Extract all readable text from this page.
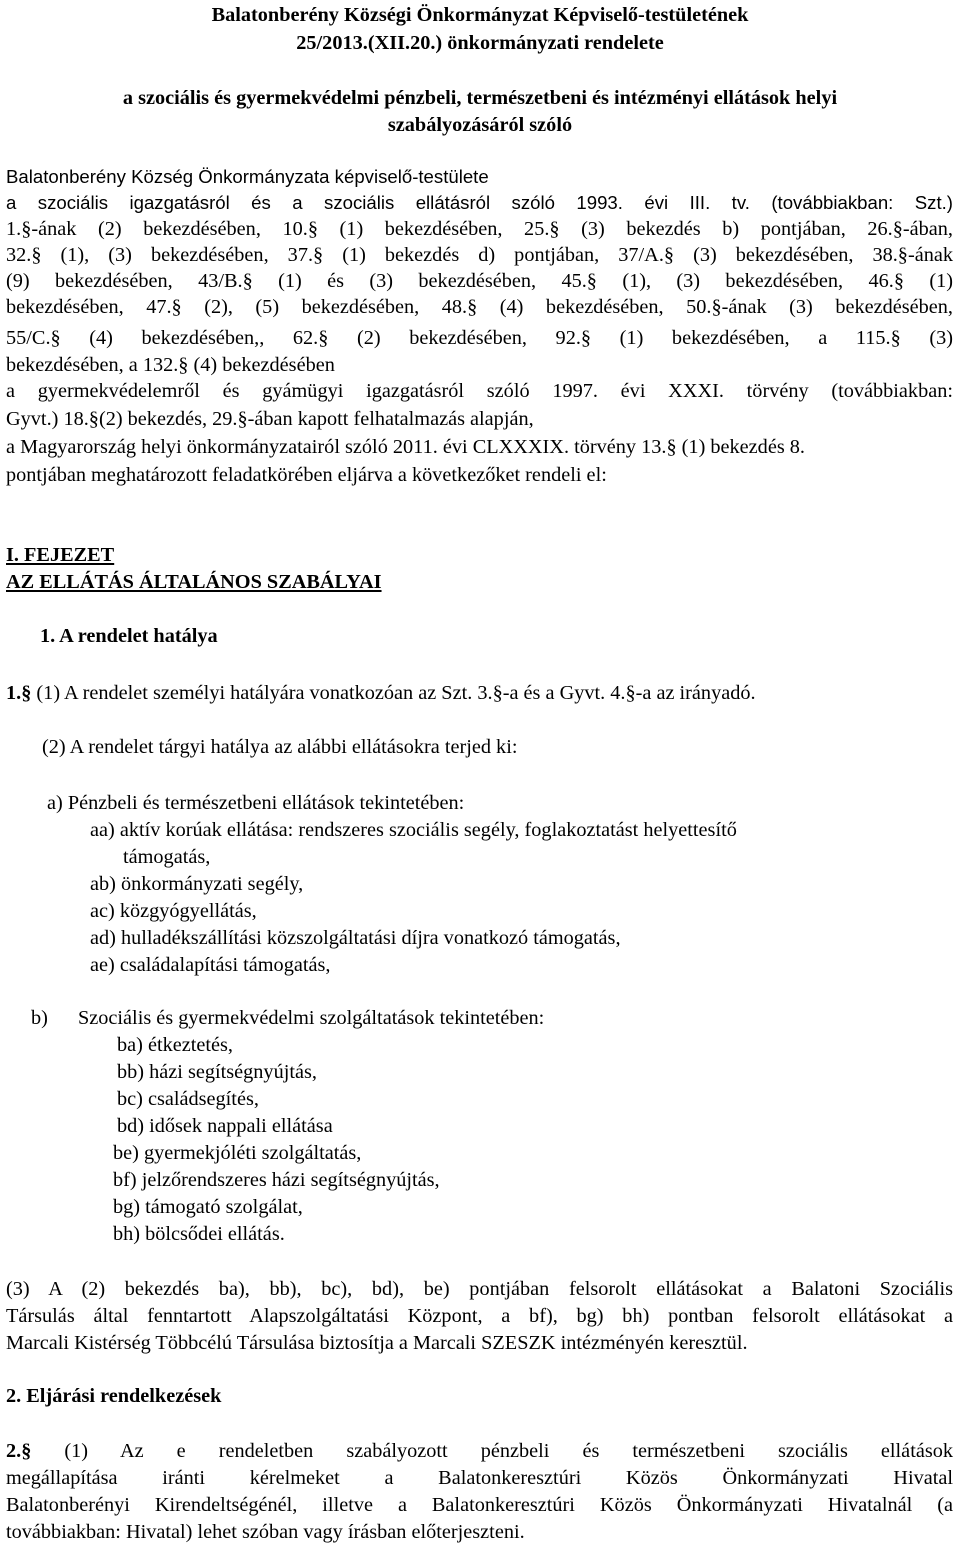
Balatonberény Községi Önkormányzat Képviselő-testületének
25/2013.(XII.20.) önkormányzati rendelete
a szociális és gyermekvédelmi pénzbeli, természetbeni és intézményi ellátások helyi
szabályozásáról szóló
Balatonberény Község Önkormányzata képviselő-testülete
a szociális igazgatásról és a szociális ellátásról szóló 1993. évi III. tv. (továbbiakban: Szt.)
1.§-ának (2) bekezdésében, 10.§ (1) bekezdésében, 25.§ (3) bekezdés b) pontjában, 26.§-ában,
32.§ (1), (3) bekezdésében, 37.§ (1) bekezdés d) pontjában, 37/A.§ (3) bekezdésében, 38.§-ának
(9) bekezdésében, 43/B.§ (1) és (3) bekezdésében, 45.§ (1), (3) bekezdésében, 46.§ (1)
bekezdésében, 47.§ (2), (5) bekezdésében, 48.§ (4) bekezdésében, 50.§-ának (3) bekezdésében,
55/C.§ (4) bekezdésében,, 62.§ (2) bekezdésében, 92.§ (1) bekezdésében, a 115.§ (3)
bekezdésében, a 132.§ (4) bekezdésében
a gyermekvédelemről és gyámügyi igazgatásról szóló 1997. évi XXXI. törvény (továbbiakban:
Gyvt.) 18.§(2) bekezdés, 29.§-ában kapott felhatalmazás alapján,
a Magyarország helyi önkormányzatairól szóló 2011. évi CLXXXIX. törvény 13.§ (1) bekezdés 8.
pontjában meghatározott feladatkörében eljárva a következőket rendeli el:
I. FEJEZET
AZ ELLÁTÁS ÁLTALÁNOS SZABÁLYAI
1. A rendelet hatálya
1.§ (1) A rendelet személyi hatályára vonatkozóan az Szt. 3.§-a és a Gyvt. 4.§-a az irányadó.
(2) A rendelet tárgyi hatálya az alábbi ellátásokra terjed ki:
a) Pénzbeli és természetbeni ellátások tekintetében:
aa) aktív korúak ellátása: rendszeres szociális segély, foglakoztatást helyettesítő
támogatás,
ab) önkormányzati segély,
ac) közgyógyellátás,
ad) hulladékszállítási közszolgáltatási díjra vonatkozó támogatás,
ae) családalapítási támogatás,
b) Szociális és gyermekvédelmi szolgáltatások tekintetében:
ba) étkeztetés,
bb) házi segítségnyújtás,
bc) családsegítés,
bd) idősek nappali ellátása
be) gyermekjóléti szolgáltatás,
bf) jelzőrendszeres házi segítségnyújtás,
bg) támogató szolgálat,
bh) bölcsődei ellátás.
(3) A (2) bekezdés ba), bb), bc), bd), be) pontjában felsorolt ellátásokat a Balatoni Szociális
Társulás által fenntartott Alapszolgáltatási Központ, a bf), bg) bh) pontban felsorolt ellátásokat a
Marcali Kistérség Többcélú Társulása biztosítja a Marcali SZESZK intézményén keresztül.
2. Eljárási rendelkezések
2.§ (1) Az e rendeletben szabályozott pénzbeli és természetbeni szociális ellátások
megállapítása iránti kérelmeket a Balatonkeresztúri Közös Önkormányzati Hivatal
Balatonberényi Kirendeltségénél, illetve a Balatonkeresztúri Közös Önkormányzati Hivatalnál (a
továbbiakban: Hivatal) lehet szóban vagy írásban előterjeszteni.
